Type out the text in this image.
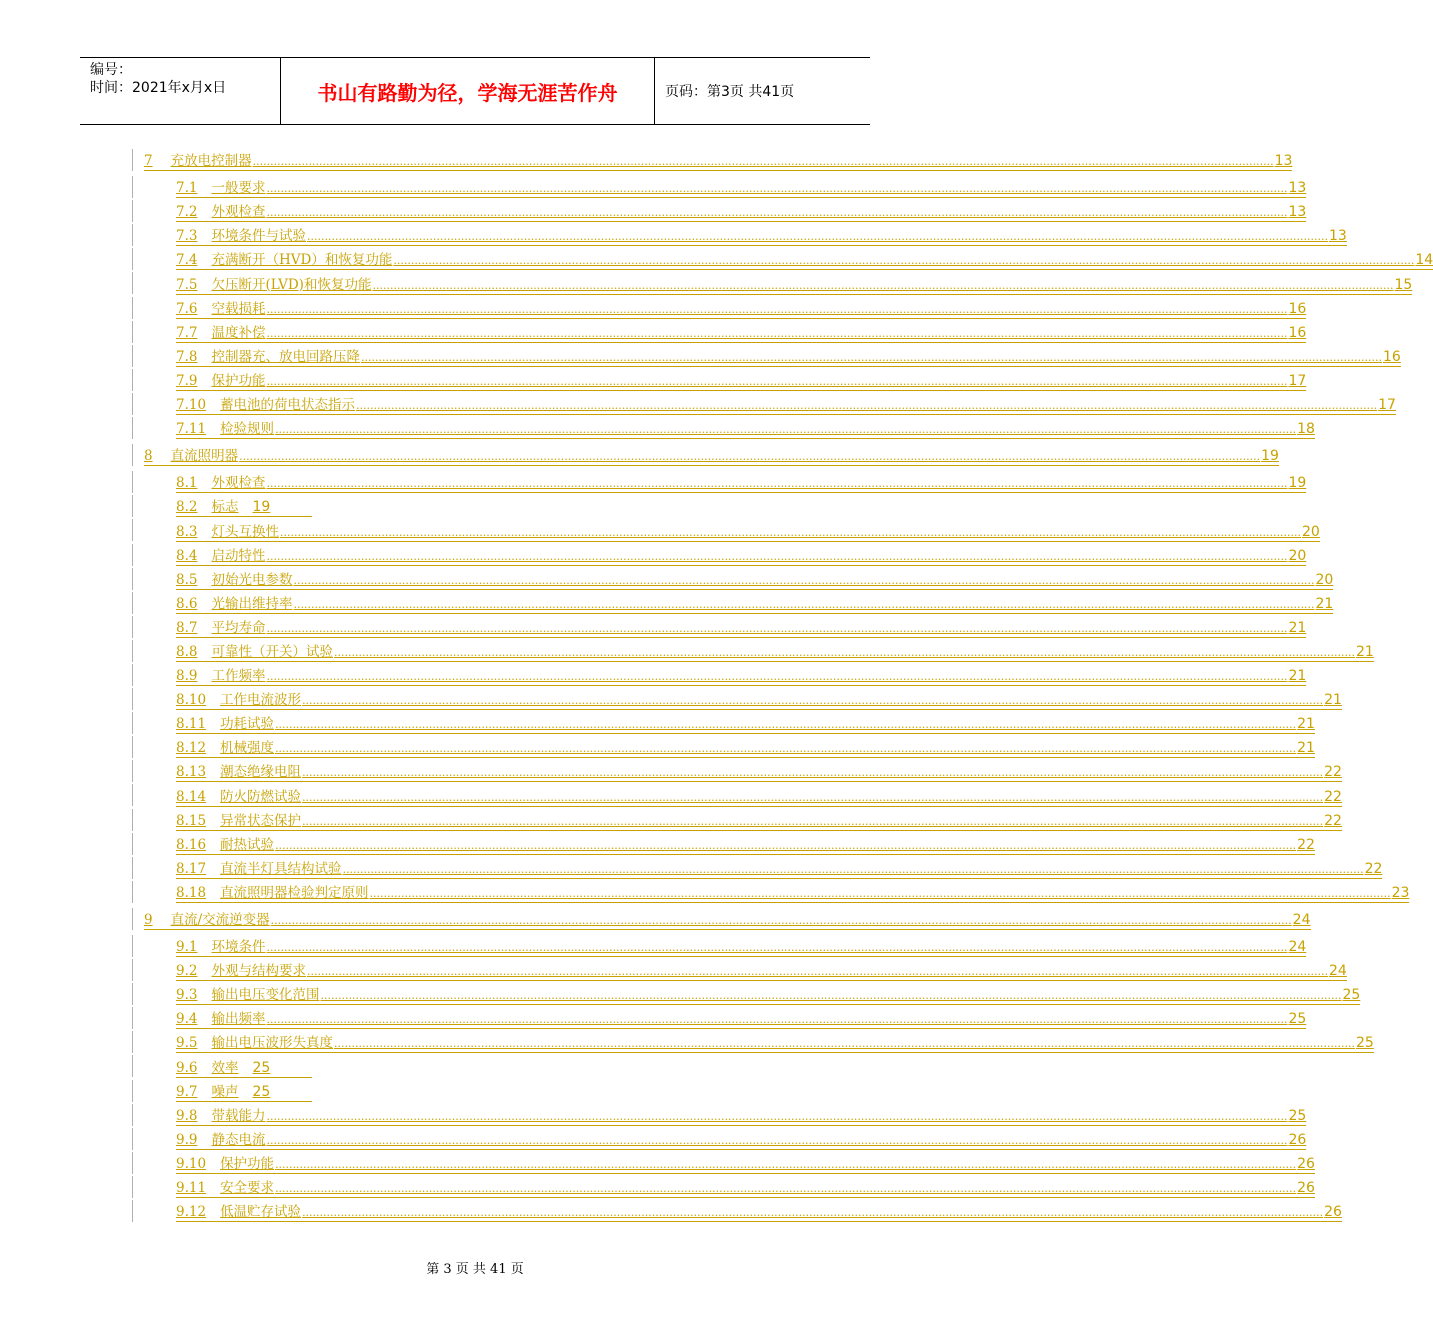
编号：
时间：2021年x月x日	书山有路勤为径，学海无涯苦作舟	页码：第3页 共41页
7 充放电控制器 .....	13
7.1 一般要求 .....	13
7.2 外观检查 .....	13
7.3 环境条件与试验 .....	13
7.4 充满断开（HVD）和恢复功能 .....	14
7.5 欠压断开(LVD)和恢复功能 .....	15
7.6 空载损耗 .....	16
7.7 温度补偿 .....	16
7.8 控制器充、放电回路压降 .....	16
7.9 保护功能 .....	17
7.10 蓄电池的荷电状态指示 .....	17
7.11 检验规则 .....	18
8 直流照明器 .....	19
8.1 外观检查 .....	19
8.2 标志	19
8.3 灯头互换性 .....	20
8.4 启动特性 .....	20
8.5 初始光电参数 .....	20
8.6 光输出维持率 .....	21
8.7 平均寿命 .....	21
8.8 可靠性（开关）试验 .....	21
8.9 工作频率 .....	21
8.10 工作电流波形 .....	21
8.11 功耗试验 .....	21
8.12 机械强度 .....	21
8.13 潮态绝缘电阻 .....	22
8.14 防火防燃试验 .....	22
8.15 异常状态保护 .....	22
8.16 耐热试验 .....	22
8.17 直流半灯具结构试验 .....	22
8.18 直流照明器检验判定原则 .....	23
9 直流/交流逆变器 .....	24
9.1 环境条件 .....	24
9.2 外观与结构要求 .....	24
9.3 输出电压变化范围 .....	25
9.4 输出频率 .....	25
9.5 输出电压波形失真度 .....	25
9.6 效率	25
9.7 噪声	25
9.8 带载能力 .....	25
9.9 静态电流 .....	26
9.10 保护功能 .....	26
9.11 安全要求 .....	26
9.12 低温贮存试验 .....	26
第 3 页 共 41 页
